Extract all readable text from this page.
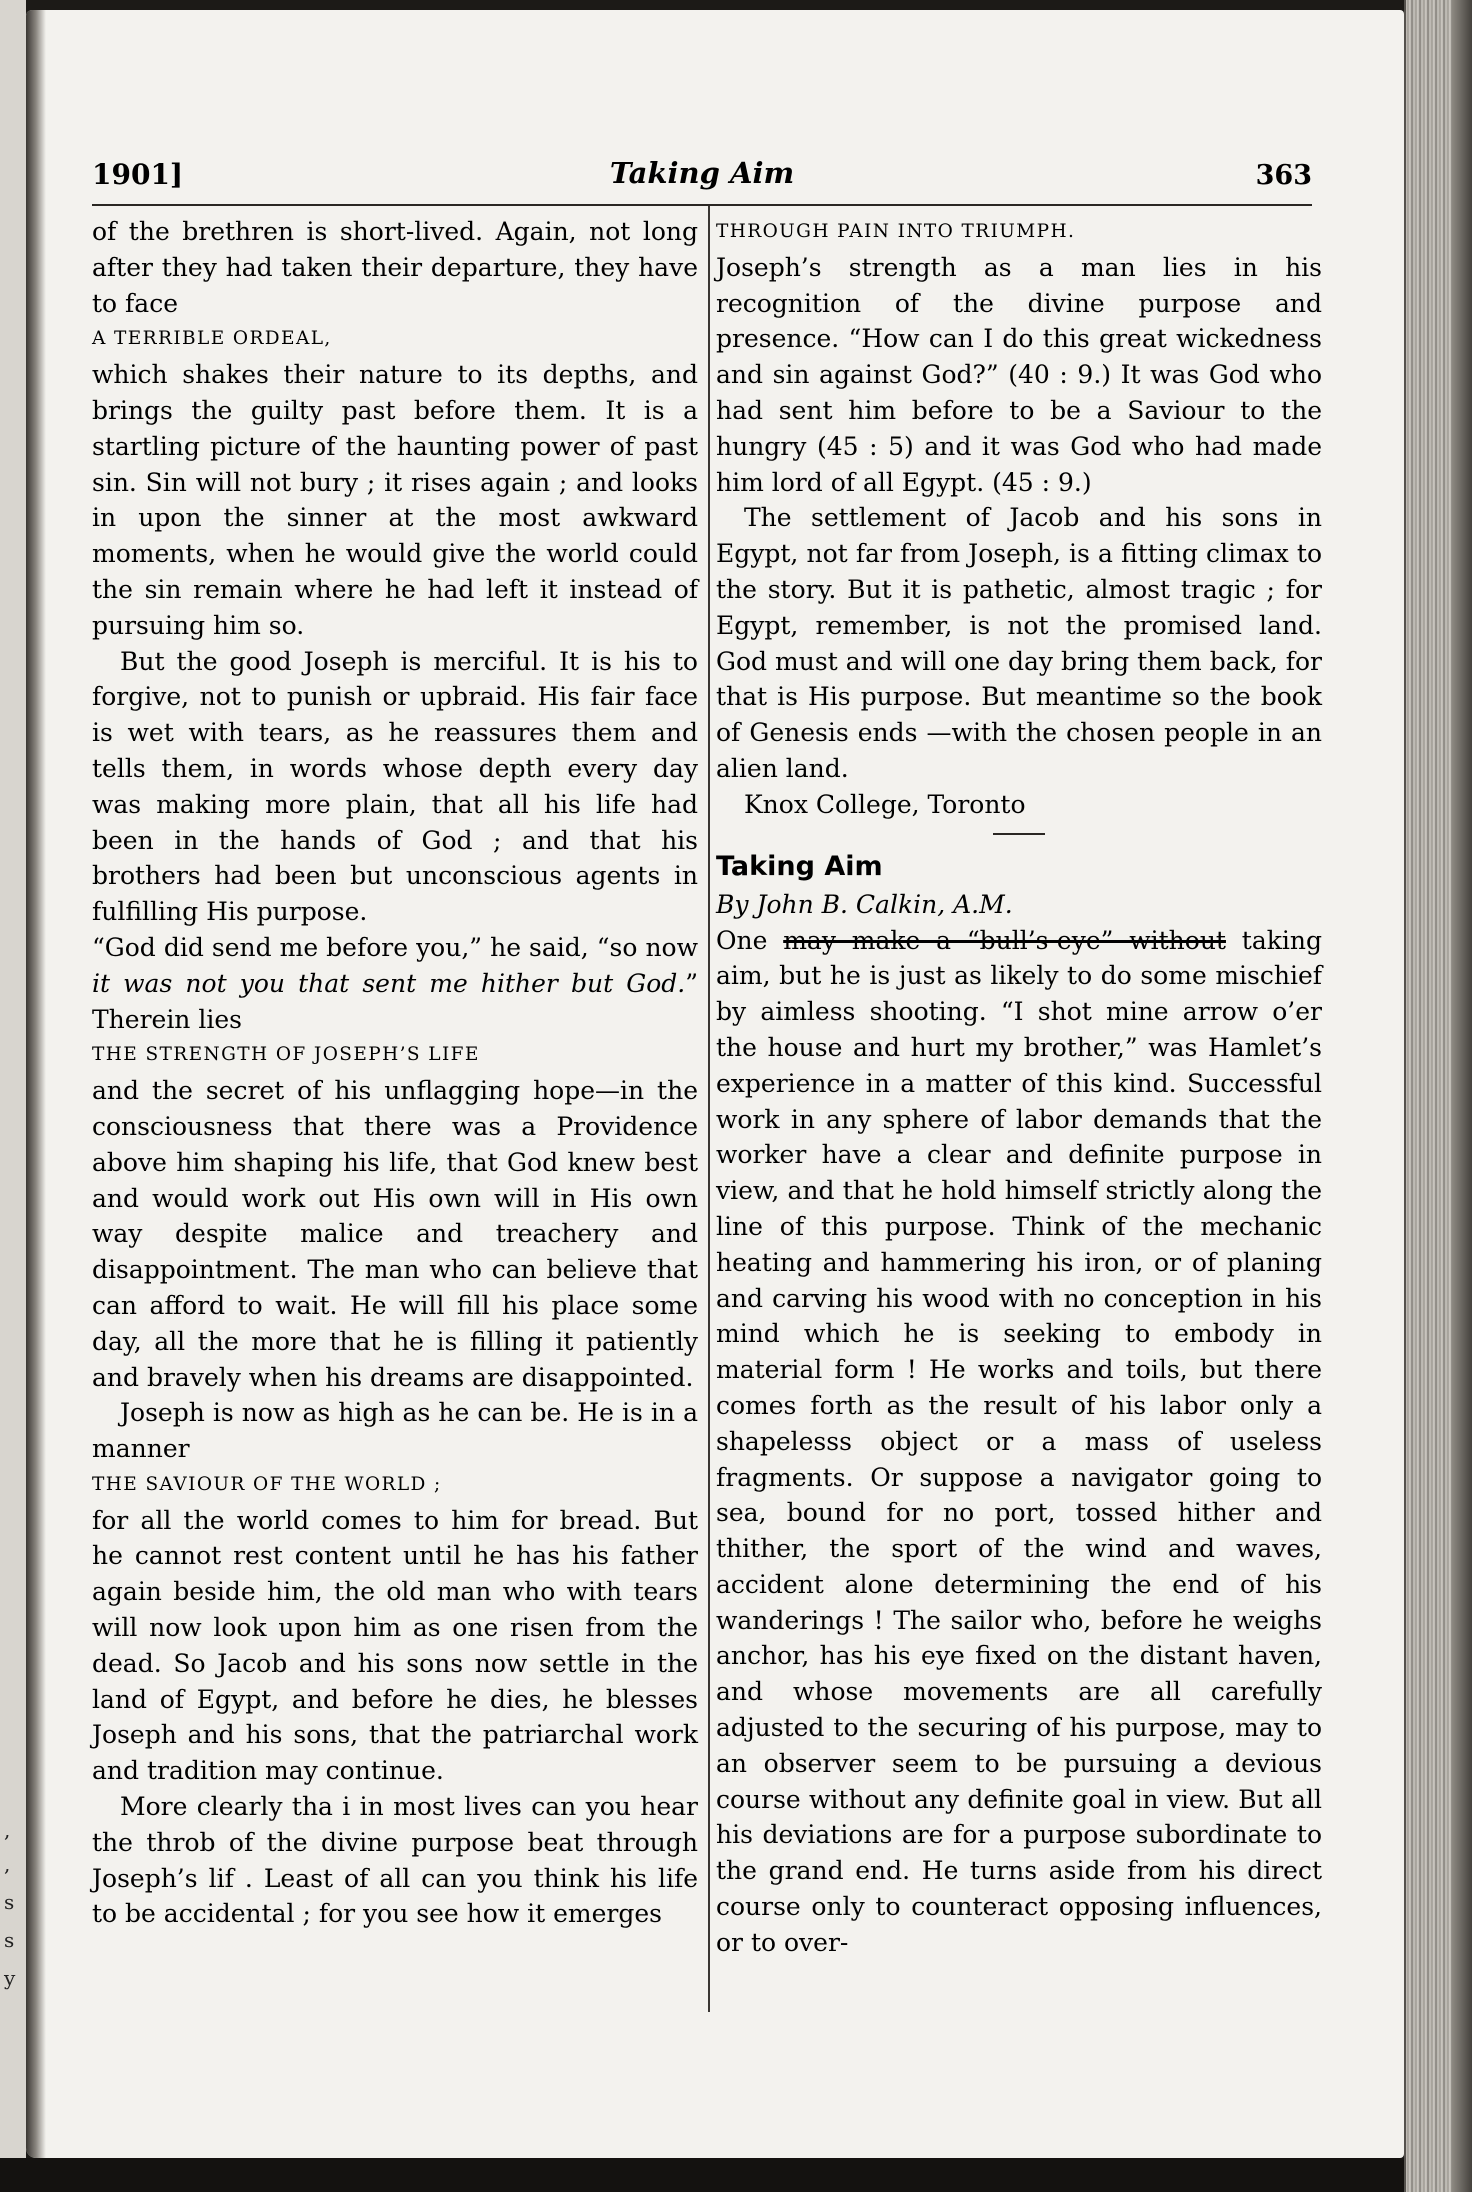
,
,
s
s
y
1901]	Taking Aim	363

of the brethren is short-lived. Again, not long after they had taken their departure, they have to face

A TERRIBLE ORDEAL,

which shakes their nature to its depths, and brings the guilty past before them. It is a startling picture of the haunting power of past sin. Sin will not bury ; it rises again ; and looks in upon the sinner at the most awkward moments, when he would give the world could the sin remain where he had left it instead of pursuing him so.

But the good Joseph is merciful. It is his to forgive, not to punish or upbraid. His fair face is wet with tears, as he reassures them and tells them, in words whose depth every day was making more plain, that all his life had been in the hands of God ; and that his brothers had been but unconscious agents in fulfilling His purpose.

“God did send me before you,” he said, “so now it was not you that sent me hither but God.” Therein lies

THE STRENGTH OF JOSEPH’S LIFE

and the secret of his unflagging hope—in the consciousness that there was a Providence above him shaping his life, that God knew best and would work out His own will in His own way despite malice and treachery and disappointment. The man who can believe that can afford to wait. He will fill his place some day, all the more that he is filling it patiently and bravely when his dreams are disappointed.

Joseph is now as high as he can be. He is in a manner

THE SAVIOUR OF THE WORLD ;

for all the world comes to him for bread. But he cannot rest content until he has his father again beside him, the old man who with tears will now look upon him as one risen from the dead. So Jacob and his sons now settle in the land of Egypt, and before he dies, he blesses Joseph and his sons, that the patriarchal work and tradition may continue.

More clearly tha i in most lives can you hear the throb of the divine purpose beat through Joseph’s lif . Least of all can you think his life to be accidental ; for you see how it emerges

THROUGH PAIN INTO TRIUMPH.

Joseph’s strength as a man lies in his recognition of the divine purpose and presence. “How can I do this great wickedness and sin against God?” (40 : 9.) It was God who had sent him before to be a Saviour to the hungry (45 : 5) and it was God who had made him lord of all Egypt. (45 : 9.)

The settlement of Jacob and his sons in Egypt, not far from Joseph, is a fitting climax to the story. But it is pathetic, almost tragic ; for Egypt, remember, is not the promised land. God must and will one day bring them back, for that is His purpose. But meantime so the book of Genesis ends —with the chosen people in an alien land.

Knox College, Toronto

Taking Aim

By John B. Calkin, A.M.

One may make a “bull’s-eye” without taking aim, but he is just as likely to do some mischief by aimless shooting. “I shot mine arrow o’er the house and hurt my brother,” was Hamlet’s experience in a matter of this kind. Successful work in any sphere of labor demands that the worker have a clear and definite purpose in view, and that he hold himself strictly along the line of this purpose. Think of the mechanic heating and hammering his iron, or of planing and carving his wood with no conception in his mind which he is seeking to embody in material form ! He works and toils, but there comes forth as the result of his labor only a shapelesss object or a mass of useless fragments. Or suppose a navigator going to sea, bound for no port, tossed hither and thither, the sport of the wind and waves, accident alone determining the end of his wanderings ! The sailor who, before he weighs anchor, has his eye fixed on the distant haven, and whose movements are all carefully adjusted to the securing of his purpose, may to an observer seem to be pursuing a devious course without any definite goal in view. But all his deviations are for a purpose subordinate to the grand end. He turns aside from his direct course only to counteract opposing influences, or to over-
